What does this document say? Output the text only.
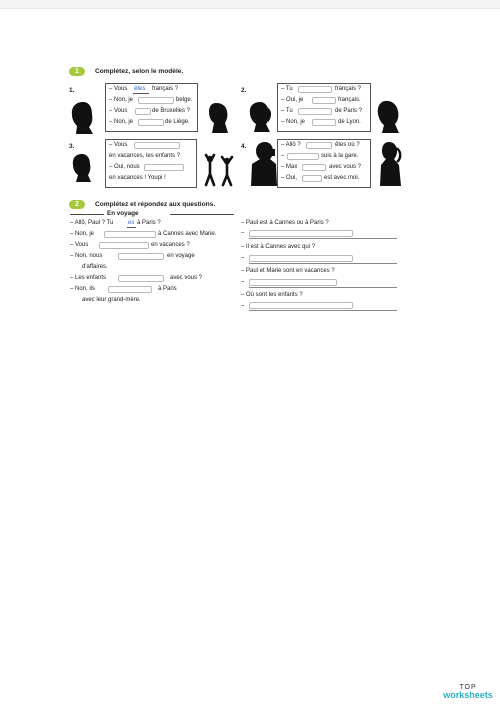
1	Complétez, selon le modèle.
1.	– Vous êtes français ?
– Non, je	belge.
– Vous	de Bruxelles ?
– Non, je	de Liège.
2.	– Tu	français ?
– Oui, je	français.
– Tu	de Paris ?
– Non, je	de Lyon.
3.	– Vous
en vacances, les enfants ?
– Oui, nous
en vacances ! Youpi !
4.	– Allô ?	êtes où ?
–	suis à la gare.
– Max	avec vous ?
– Oui,	est avec moi.
2	Complétez et répondez aux questions.
En voyage
– Allô, Paul ? Tu es à Paris ?
– Non, je	à Cannes avec Marie.
– Vous	en vacances ?
– Non, nous	en voyage
d'affaires.
– Les enfants	avec vous ?
– Non, ils	à Paris
avec leur grand-mère.
– Paul est à Cannes ou à Paris ?
–
– Il est à Cannes avec qui ?
–
– Paul et Marie sont en vacances ?
–
– Où sont les enfants ?
–
TOP
worksheets
